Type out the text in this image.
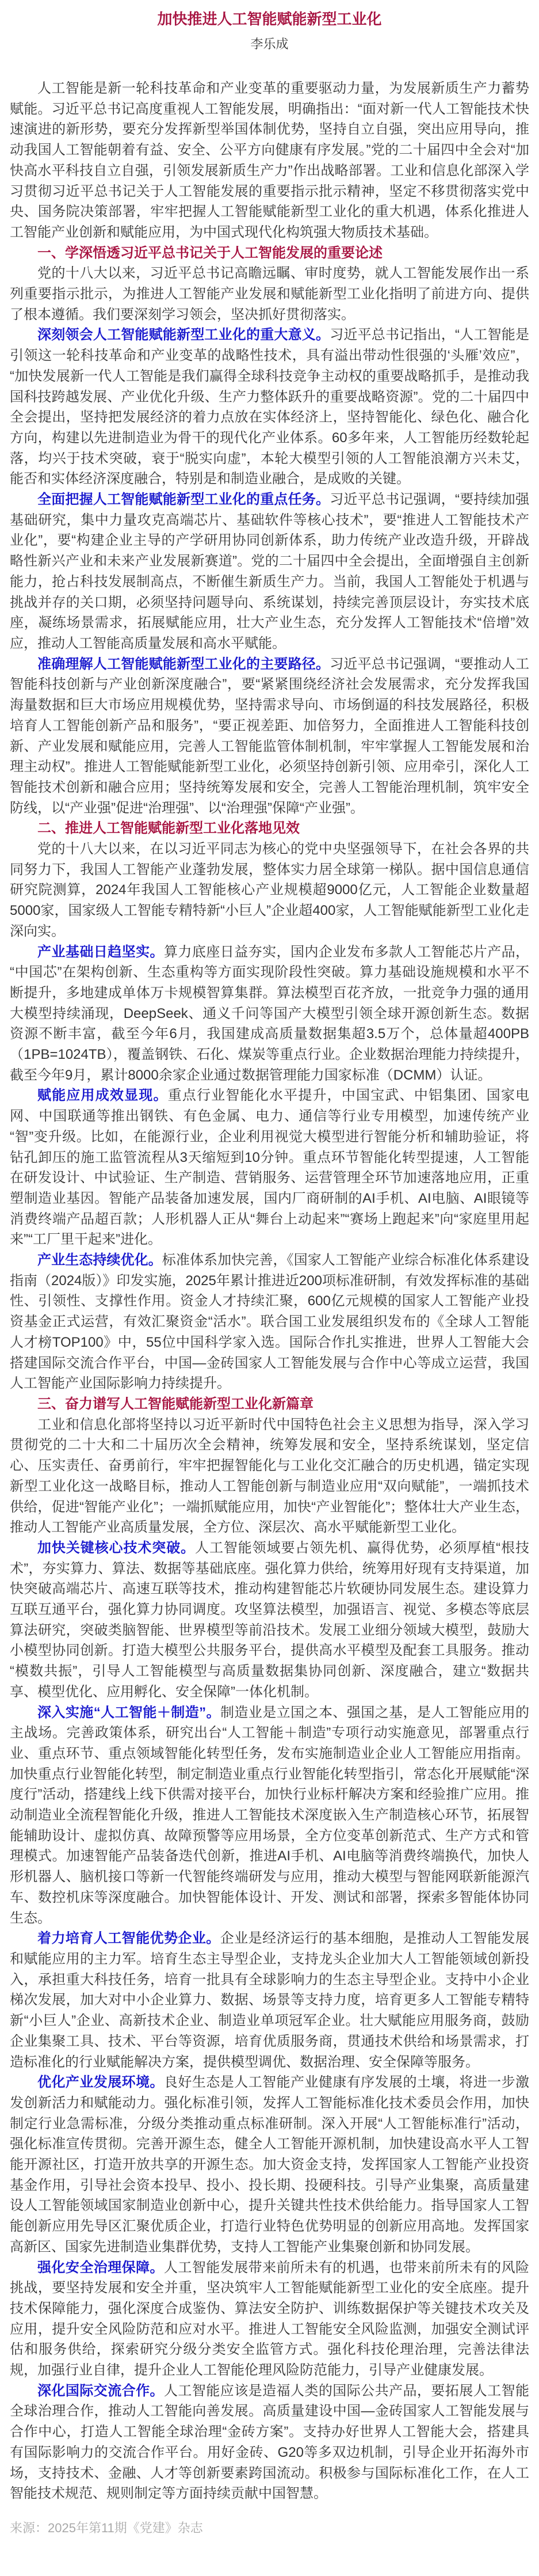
加快推进人工智能赋能新型工业化
李乐成

人工智能是新一轮科技革命和产业变革的重要驱动力量，为发展新质生产力蓄势赋能。习近平总书记高度重视人工智能发展，明确指出：“面对新一代人工智能技术快速演进的新形势，要充分发挥新型举国体制优势，坚持自立自强，突出应用导向，推动我国人工智能朝着有益、安全、公平方向健康有序发展。”党的二十届四中全会对“加快高水平科技自立自强，引领发展新质生产力”作出战略部署。工业和信息化部深入学习贯彻习近平总书记关于人工智能发展的重要指示批示精神，坚定不移贯彻落实党中央、国务院决策部署，牢牢把握人工智能赋能新型工业化的重大机遇，体系化推进人工智能产业创新和赋能应用，为中国式现代化构筑强大物质技术基础。

一、学深悟透习近平总书记关于人工智能发展的重要论述

党的十八大以来，习近平总书记高瞻远瞩、审时度势，就人工智能发展作出一系列重要指示批示，为推进人工智能产业发展和赋能新型工业化指明了前进方向、提供了根本遵循。我们要深刻学习领会，坚决抓好贯彻落实。

深刻领会人工智能赋能新型工业化的重大意义。习近平总书记指出，“人工智能是引领这一轮科技革命和产业变革的战略性技术，具有溢出带动性很强的‘头雁’效应”，“加快发展新一代人工智能是我们赢得全球科技竞争主动权的重要战略抓手，是推动我国科技跨越发展、产业优化升级、生产力整体跃升的重要战略资源”。党的二十届四中全会提出，坚持把发展经济的着力点放在实体经济上，坚持智能化、绿色化、融合化方向，构建以先进制造业为骨干的现代化产业体系。60多年来，人工智能历经数轮起落，均兴于技术突破，衰于“脱实向虚”，本轮大模型引领的人工智能浪潮方兴未艾，能否和实体经济深度融合，特别是和制造业融合，是成败的关键。

全面把握人工智能赋能新型工业化的重点任务。习近平总书记强调，“要持续加强基础研究，集中力量攻克高端芯片、基础软件等核心技术”，要“推进人工智能技术产业化”，要“构建企业主导的产学研用协同创新体系，助力传统产业改造升级，开辟战略性新兴产业和未来产业发展新赛道”。党的二十届四中全会提出，全面增强自主创新能力，抢占科技发展制高点，不断催生新质生产力。当前，我国人工智能处于机遇与挑战并存的关口期，必须坚持问题导向、系统谋划，持续完善顶层设计，夯实技术底座，凝练场景需求，拓展赋能应用，壮大产业生态，充分发挥人工智能技术“倍增”效应，推动人工智能高质量发展和高水平赋能。

准确理解人工智能赋能新型工业化的主要路径。习近平总书记强调，“要推动人工智能科技创新与产业创新深度融合”，要“紧紧围绕经济社会发展需求，充分发挥我国海量数据和巨大市场应用规模优势，坚持需求导向、市场倒逼的科技发展路径，积极培育人工智能创新产品和服务”，“要正视差距、加倍努力，全面推进人工智能科技创新、产业发展和赋能应用，完善人工智能监管体制机制，牢牢掌握人工智能发展和治理主动权”。推进人工智能赋能新型工业化，必须坚持创新引领、应用牵引，深化人工智能技术创新和融合应用；坚持统筹发展和安全，完善人工智能治理机制，筑牢安全防线，以“产业强”促进“治理强”、以“治理强”保障“产业强”。

二、推进人工智能赋能新型工业化落地见效

党的十八大以来，在以习近平同志为核心的党中央坚强领导下，在社会各界的共同努力下，我国人工智能产业蓬勃发展，整体实力居全球第一梯队。据中国信息通信研究院测算，2024年我国人工智能核心产业规模超9000亿元，人工智能企业数量超5000家，国家级人工智能专精特新“小巨人”企业超400家，人工智能赋能新型工业化走深向实。

产业基础日趋坚实。算力底座日益夯实，国内企业发布多款人工智能芯片产品，“中国芯”在架构创新、生态重构等方面实现阶段性突破。算力基础设施规模和水平不断提升，多地建成单体万卡规模智算集群。算法模型百花齐放，一批竞争力强的通用大模型持续涌现，DeepSeek、通义千问等国产大模型引领全球开源创新生态。数据资源不断丰富，截至今年6月，我国建成高质量数据集超3.5万个，总体量超400PB（1PB=1024TB），覆盖钢铁、石化、煤炭等重点行业。企业数据治理能力持续提升，截至今年9月，累计8000余家企业通过数据管理能力国家标准（DCMM）认证。

赋能应用成效显现。重点行业智能化水平提升，中国宝武、中铝集团、国家电网、中国联通等推出钢铁、有色金属、电力、通信等行业专用模型，加速传统产业“智”变升级。比如，在能源行业，企业利用视觉大模型进行智能分析和辅助验证，将钻孔卸压的施工监管流程从3天缩短到10分钟。重点环节智能化转型提速，人工智能在研发设计、中试验证、生产制造、营销服务、运营管理全环节加速落地应用，正重塑制造业基因。智能产品装备加速发展，国内厂商研制的AI手机、AI电脑、AI眼镜等消费终端产品超百款；人形机器人正从“舞台上动起来”“赛场上跑起来”向“家庭里用起来”“工厂里干起来”进化。

产业生态持续优化。标准体系加快完善，《国家人工智能产业综合标准化体系建设指南（2024版）》印发实施，2025年累计推进近200项标准研制，有效发挥标准的基础性、引领性、支撑性作用。资金人才持续汇聚，600亿元规模的国家人工智能产业投资基金正式运营，有效汇聚资金“活水”。联合国工业发展组织发布的《全球人工智能人才榜TOP100》中，55位中国科学家入选。国际合作扎实推进，世界人工智能大会搭建国际交流合作平台，中国—金砖国家人工智能发展与合作中心等成立运营，我国人工智能产业国际影响力持续提升。

三、奋力谱写人工智能赋能新型工业化新篇章

工业和信息化部将坚持以习近平新时代中国特色社会主义思想为指导，深入学习贯彻党的二十大和二十届历次全会精神，统筹发展和安全，坚持系统谋划，坚定信心、压实责任、奋勇前行，牢牢把握智能化与工业化交汇融合的历史机遇，锚定实现新型工业化这一战略目标，推动人工智能创新与制造业应用“双向赋能”，一端抓技术供给，促进“智能产业化”；一端抓赋能应用，加快“产业智能化”；整体壮大产业生态，推动人工智能产业高质量发展，全方位、深层次、高水平赋能新型工业化。

加快关键核心技术突破。人工智能领域要占领先机、赢得优势，必须厚植“根技术”，夯实算力、算法、数据等基础底座。强化算力供给，统筹用好现有支持渠道，加快突破高端芯片、高速互联等技术，推动构建智能芯片软硬协同发展生态。建设算力互联互通平台，强化算力协同调度。攻坚算法模型，加强语言、视觉、多模态等底层算法研究，突破类脑智能、世界模型等前沿技术。发展工业细分领域大模型，鼓励大小模型协同创新。打造大模型公共服务平台，提供高水平模型及配套工具服务。推动“模数共振”，引导人工智能模型与高质量数据集协同创新、深度融合，建立“数据共享、模型优化、应用孵化、安全保障”一体化机制。

深入实施“人工智能＋制造”。制造业是立国之本、强国之基，是人工智能应用的主战场。完善政策体系，研究出台“人工智能＋制造”专项行动实施意见，部署重点行业、重点环节、重点领域智能化转型任务，发布实施制造业企业人工智能应用指南。加快重点行业智能化转型，制定制造业重点行业智能化转型指引，常态化开展赋能“深度行”活动，搭建线上线下供需对接平台，加快行业标杆解决方案和经验推广应用。推动制造业全流程智能化升级，推进人工智能技术深度嵌入生产制造核心环节，拓展智能辅助设计、虚拟仿真、故障预警等应用场景，全方位变革创新范式、生产方式和管理模式。加速智能产品装备迭代创新，推进AI手机、AI电脑等消费终端换代，加快人形机器人、脑机接口等新一代智能终端研发与应用，推动大模型与智能网联新能源汽车、数控机床等深度融合。加快智能体设计、开发、测试和部署，探索多智能体协同生态。

着力培育人工智能优势企业。企业是经济运行的基本细胞，是推动人工智能发展和赋能应用的主力军。培育生态主导型企业，支持龙头企业加大人工智能领域创新投入，承担重大科技任务，培育一批具有全球影响力的生态主导型企业。支持中小企业梯次发展，加大对中小企业算力、数据、场景等支持力度，培育更多人工智能专精特新“小巨人”企业、高新技术企业、制造业单项冠军企业。壮大赋能应用服务商，鼓励企业集聚工具、技术、平台等资源，培育优质服务商，贯通技术供给和场景需求，打造标准化的行业赋能解决方案，提供模型调优、数据治理、安全保障等服务。

优化产业发展环境。良好生态是人工智能产业健康有序发展的土壤，将进一步激发创新活力和赋能动力。强化标准引领，发挥人工智能标准化技术委员会作用，加快制定行业急需标准，分级分类推动重点标准研制。深入开展“人工智能标准行”活动，强化标准宣传贯彻。完善开源生态，健全人工智能开源机制，加快建设高水平人工智能开源社区，打造开放共享的开源生态。加大资金支持，发挥国家人工智能产业投资基金作用，引导社会资本投早、投小、投长期、投硬科技。引导产业集聚，高质量建设人工智能领域国家制造业创新中心，提升关键共性技术供给能力。指导国家人工智能创新应用先导区汇聚优质企业，打造行业特色优势明显的创新应用高地。发挥国家高新区、国家先进制造业集群优势，支持人工智能产业集聚创新和协同发展。

强化安全治理保障。人工智能发展带来前所未有的机遇，也带来前所未有的风险挑战，要坚持发展和安全并重，坚决筑牢人工智能赋能新型工业化的安全底座。提升技术保障能力，强化深度合成鉴伪、算法安全防护、训练数据保护等关键技术攻关及应用，提升安全风险防范和应对水平。推进人工智能安全风险监测，加强安全测试评估和服务供给，探索研究分级分类安全监管方式。强化科技伦理治理，完善法律法规，加强行业自律，提升企业人工智能伦理风险防范能力，引导产业健康发展。

深化国际交流合作。人工智能应该是造福人类的国际公共产品，要拓展人工智能全球治理合作，推动人工智能向善发展。高质量建设中国—金砖国家人工智能发展与合作中心，打造人工智能全球治理“金砖方案”。支持办好世界人工智能大会，搭建具有国际影响力的交流合作平台。用好金砖、G20等多双边机制，引导企业开拓海外市场，支持技术、金融、人才等创新要素跨国流动。积极参与国际标准化工作，在人工智能技术规范、规则制定等方面持续贡献中国智慧。

来源：2025年第11期《党建》杂志
